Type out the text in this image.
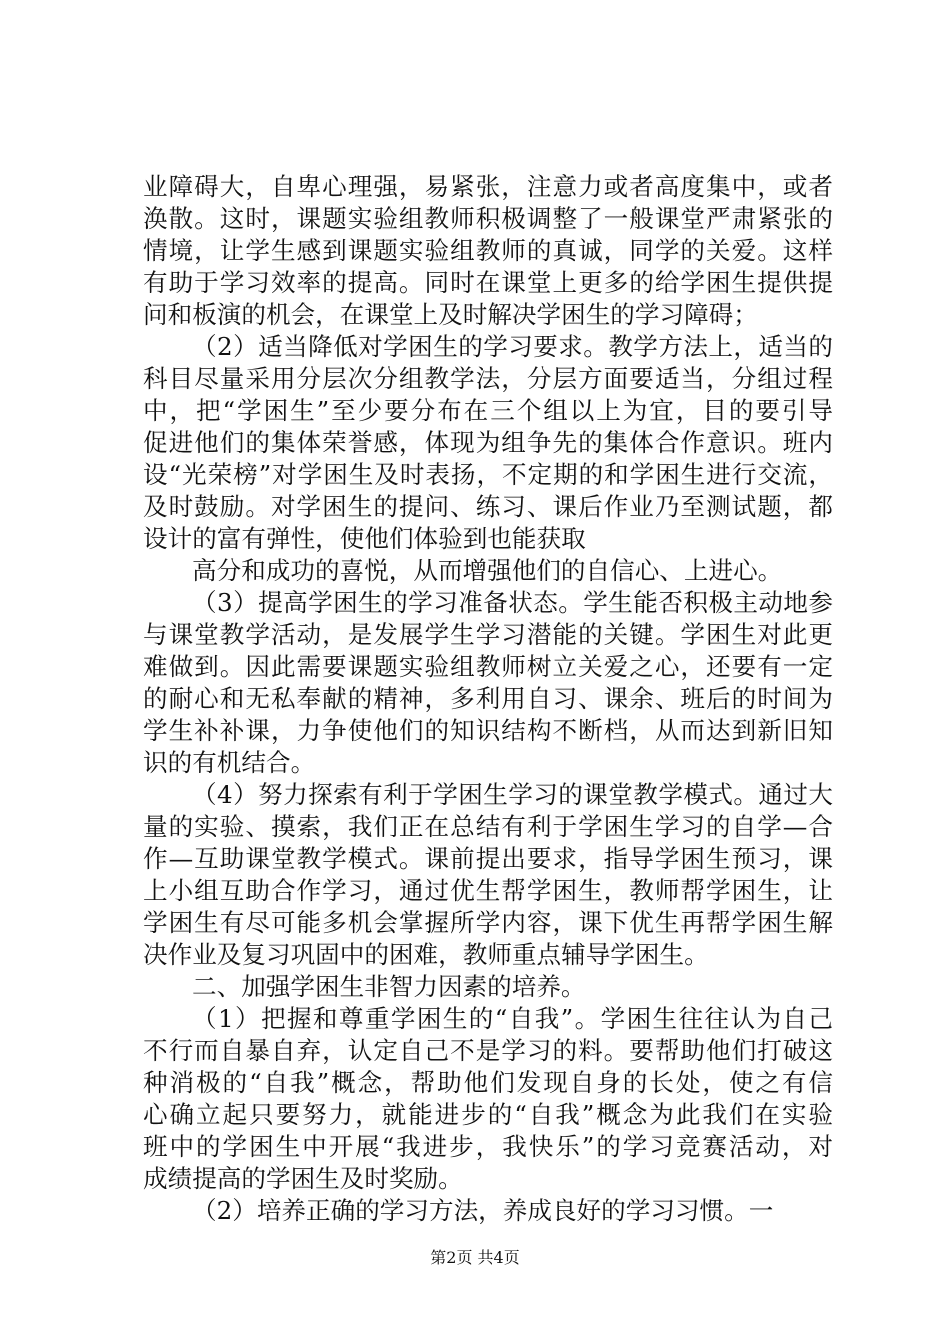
业障碍大，自卑心理强，易紧张，注意力或者高度集中，或者
涣散。这时，课题实验组教师积极调整了一般课堂严肃紧张的
情境，让学生感到课题实验组教师的真诚，同学的关爱。这样
有助于学习效率的提高。同时在课堂上更多的给学困生提供提
问和板演的机会，在课堂上及时解决学困生的学习障碍；
（2）适当降低对学困生的学习要求。教学方法上，适当的
科目尽量采用分层次分组教学法，分层方面要适当，分组过程
中，把“学困生”至少要分布在三个组以上为宜，目的要引导
促进他们的集体荣誉感，体现为组争先的集体合作意识。班内
设“光荣榜”对学困生及时表扬，不定期的和学困生进行交流，
及时鼓励。对学困生的提问、练习、课后作业乃至测试题，都
设计的富有弹性，使他们体验到也能获取
高分和成功的喜悦，从而增强他们的自信心、上进心。
（3）提高学困生的学习准备状态。学生能否积极主动地参
与课堂教学活动，是发展学生学习潜能的关键。学困生对此更
难做到。因此需要课题实验组教师树立关爱之心，还要有一定
的耐心和无私奉献的精神，多利用自习、课余、班后的时间为
学生补补课，力争使他们的知识结构不断档，从而达到新旧知
识的有机结合。
（4）努力探索有利于学困生学习的课堂教学模式。通过大
量的实验、摸索，我们正在总结有利于学困生学习的自学—合
作—互助课堂教学模式。课前提出要求，指导学困生预习，课
上小组互助合作学习，通过优生帮学困生，教师帮学困生，让
学困生有尽可能多机会掌握所学内容，课下优生再帮学困生解
决作业及复习巩固中的困难，教师重点辅导学困生。
二、加强学困生非智力因素的培养。
（1）把握和尊重学困生的“自我”。学困生往往认为自己
不行而自暴自弃，认定自己不是学习的料。要帮助他们打破这
种消极的“自我”概念，帮助他们发现自身的长处，使之有信
心确立起只要努力，就能进步的“自我”概念为此我们在实验
班中的学困生中开展“我进步，我快乐”的学习竞赛活动，对
成绩提高的学困生及时奖励。
（2）培养正确的学习方法，养成良好的学习习惯。一
第2页 共4页
